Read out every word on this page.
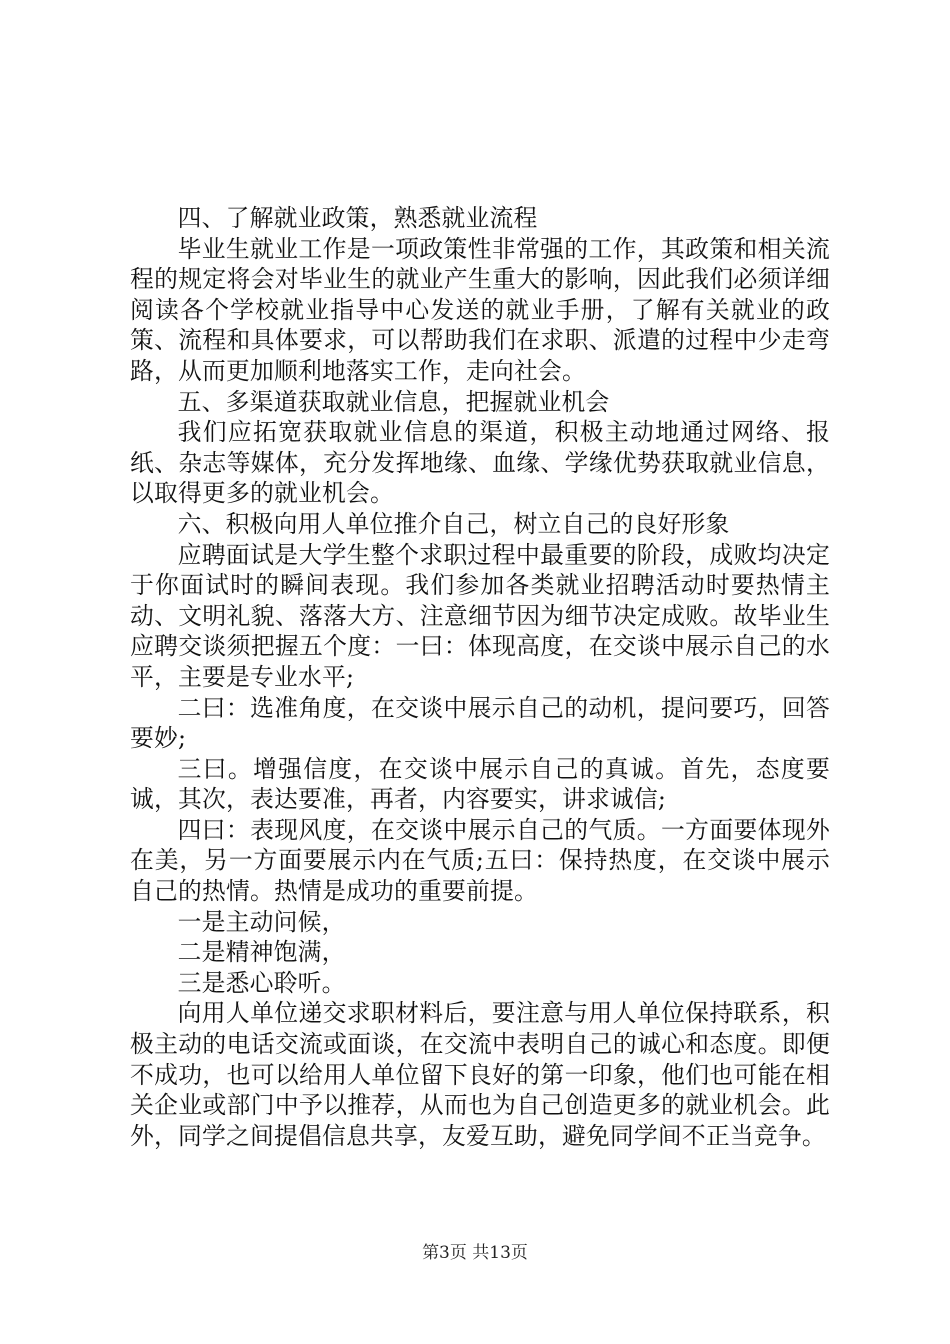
四、了解就业政策，熟悉就业流程

毕业生就业工作是一项政策性非常强的工作，其政策和相关流程的规定将会对毕业生的就业产生重大的影响，因此我们必须详细阅读各个学校就业指导中心发送的就业手册，了解有关就业的政策、流程和具体要求，可以帮助我们在求职、派遣的过程中少走弯路，从而更加顺利地落实工作，走向社会。

五、多渠道获取就业信息，把握就业机会

我们应拓宽获取就业信息的渠道，积极主动地通过网络、报纸、杂志等媒体，充分发挥地缘、血缘、学缘优势获取就业信息，以取得更多的就业机会。

六、积极向用人单位推介自己，树立自己的良好形象

应聘面试是大学生整个求职过程中最重要的阶段，成败均决定于你面试时的瞬间表现。我们参加各类就业招聘活动时要热情主动、文明礼貌、落落大方、注意细节因为细节决定成败。故毕业生应聘交谈须把握五个度：一曰：体现高度，在交谈中展示自己的水平，主要是专业水平;

二曰：选准角度，在交谈中展示自己的动机，提问要巧，回答要妙;

三曰。增强信度，在交谈中展示自己的真诚。首先，态度要诚，其次，表达要准，再者，内容要实，讲求诚信;

四曰：表现风度，在交谈中展示自己的气质。一方面要体现外在美，另一方面要展示内在气质;五曰：保持热度，在交谈中展示自己的热情。热情是成功的重要前提。

一是主动问候，

二是精神饱满，

三是悉心聆听。

向用人单位递交求职材料后，要注意与用人单位保持联系，积极主动的电话交流或面谈，在交流中表明自己的诚心和态度。即便不成功，也可以给用人单位留下良好的第一印象，他们也可能在相关企业或部门中予以推荐，从而也为自己创造更多的就业机会。此外，同学之间提倡信息共享，友爱互助，避免同学间不正当竞争。

第3页 共13页
